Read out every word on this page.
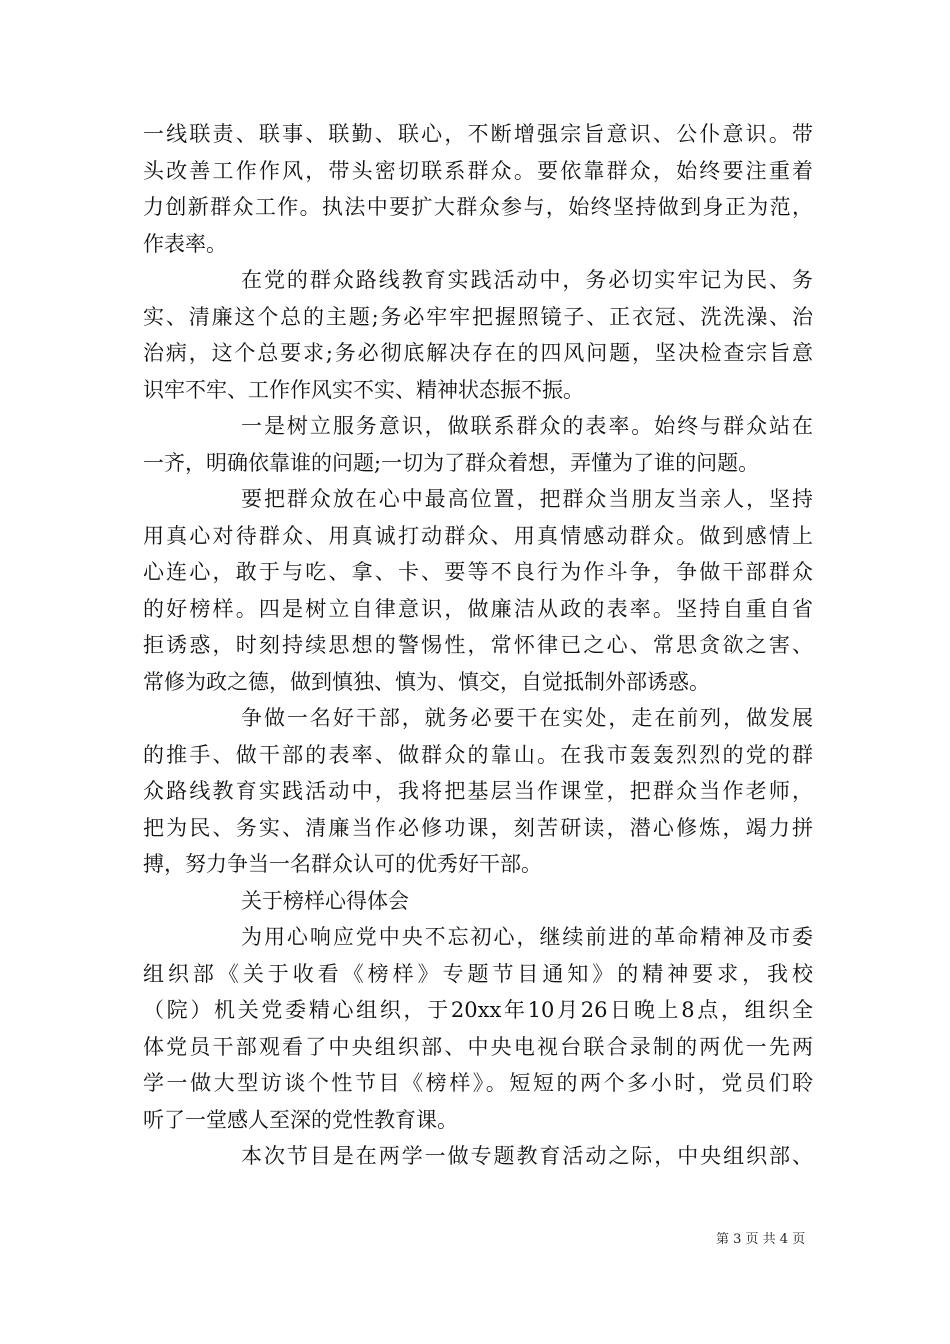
一线联责、联事、联勤、联心，不断增强宗旨意识、公仆意识。带
头改善工作作风，带头密切联系群众。要依靠群众，始终要注重着
力创新群众工作。执法中要扩大群众参与，始终坚持做到身正为范，
作表率。
在党的群众路线教育实践活动中，务必切实牢记为民、务
实、清廉这个总的主题;务必牢牢把握照镜子、正衣冠、洗洗澡、治
治病，这个总要求;务必彻底解决存在的四风问题，坚决检查宗旨意
识牢不牢、工作作风实不实、精神状态振不振。
一是树立服务意识，做联系群众的表率。始终与群众站在
一齐，明确依靠谁的问题;一切为了群众着想，弄懂为了谁的问题。
要把群众放在心中最高位置，把群众当朋友当亲人，坚持
用真心对待群众、用真诚打动群众、用真情感动群众。做到感情上
心连心，敢于与吃、拿、卡、要等不良行为作斗争，争做干部群众
的好榜样。四是树立自律意识，做廉洁从政的表率。坚持自重自省
拒诱惑，时刻持续思想的警惕性，常怀律已之心、常思贪欲之害、
常修为政之德，做到慎独、慎为、慎交，自觉抵制外部诱惑。
争做一名好干部，就务必要干在实处，走在前列，做发展
的推手、做干部的表率、做群众的靠山。在我市轰轰烈烈的党的群
众路线教育实践活动中，我将把基层当作课堂，把群众当作老师，
把为民、务实、清廉当作必修功课，刻苦研读，潜心修炼，竭力拼
搏，努力争当一名群众认可的优秀好干部。
关于榜样心得体会
为用心响应党中央不忘初心，继续前进的革命精神及市委
组织部《关于收看《榜样》专题节目通知》的精神要求，我校
（院）机关党委精心组织，于20xx年10月26日晚上8点，组织全
体党员干部观看了中央组织部、中央电视台联合录制的两优一先两
学一做大型访谈个性节目《榜样》。短短的两个多小时，党员们聆
听了一堂感人至深的党性教育课。
本次节目是在两学一做专题教育活动之际，中央组织部、
第 3 页 共 4 页
